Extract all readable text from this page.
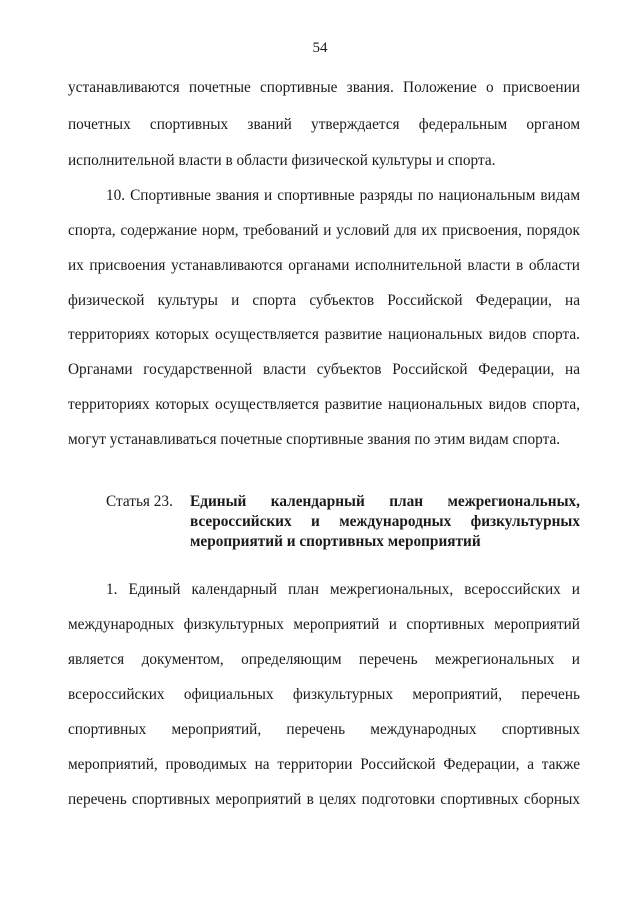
54
устанавливаются почетные спортивные звания. Положение о присвоении
почетных спортивных званий утверждается федеральным органом
исполнительной власти в области физической культуры и спорта.
10. Спортивные звания и спортивные разряды по национальным видам
спорта, содержание норм, требований и условий для их присвоения, порядок
их присвоения устанавливаются органами исполнительной власти в области
физической культуры и спорта субъектов Российской Федерации, на
территориях которых осуществляется развитие национальных видов спорта.
Органами государственной власти субъектов Российской Федерации, на
территориях которых осуществляется развитие национальных видов спорта,
могут устанавливаться почетные спортивные звания по этим видам спорта.
Статья 23. Единый календарный план межрегиональных,
всероссийских и международных физкультурных
мероприятий и спортивных мероприятий
1. Единый календарный план межрегиональных, всероссийских и
международных физкультурных мероприятий и спортивных мероприятий
является документом, определяющим перечень межрегиональных и
всероссийских официальных физкультурных мероприятий, перечень
спортивных мероприятий, перечень международных спортивных
мероприятий, проводимых на территории Российской Федерации, а также
перечень спортивных мероприятий в целях подготовки спортивных сборных
